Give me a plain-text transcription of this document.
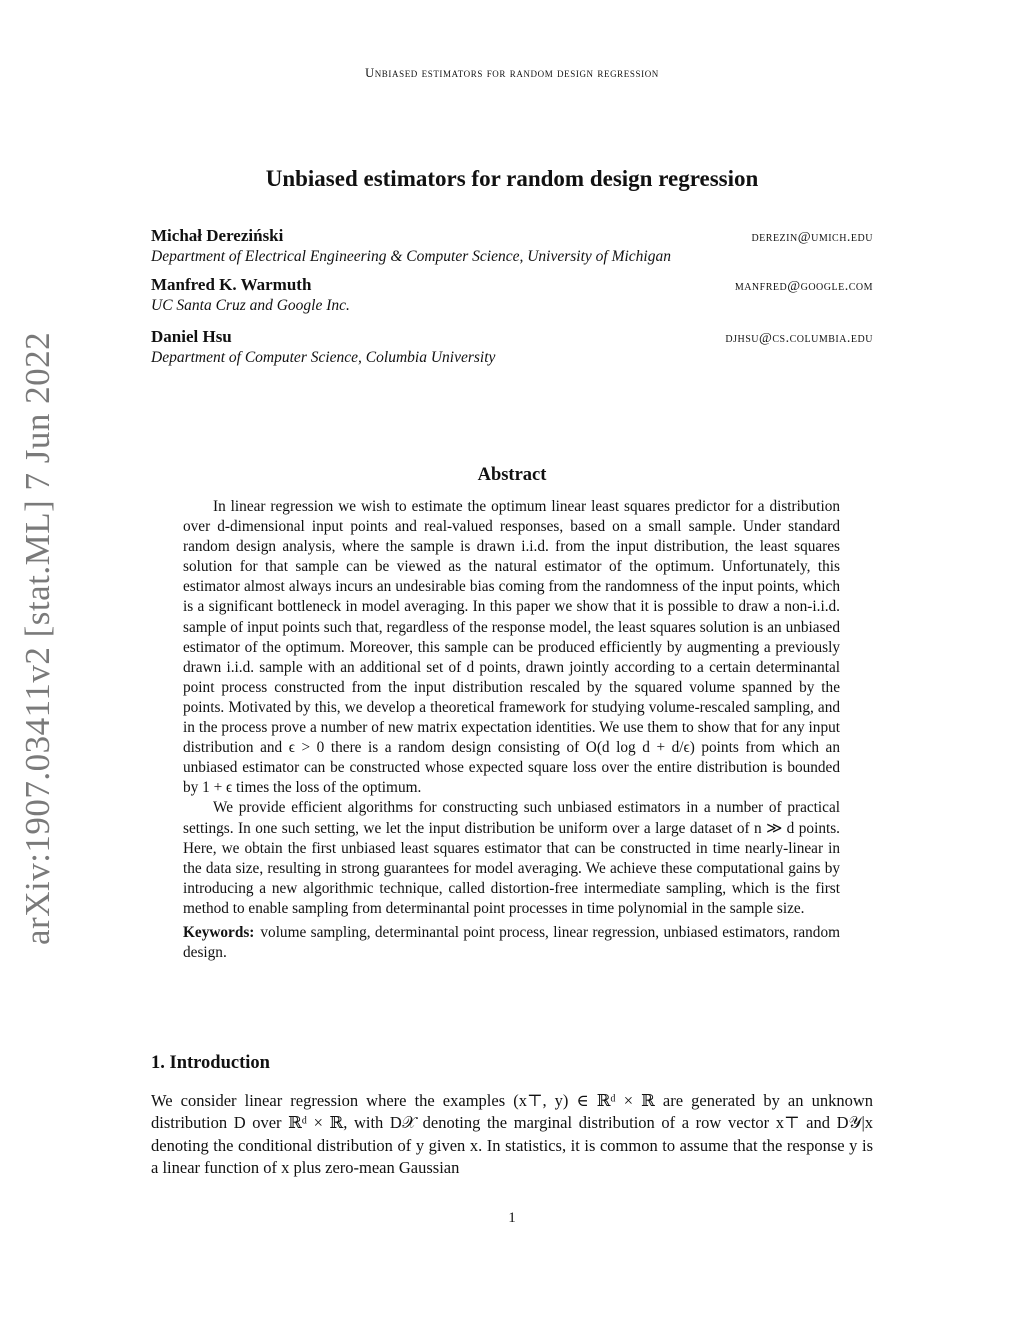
Unbiased estimators for random design regression
arXiv:1907.03411v2 [stat.ML] 7 Jun 2022
Unbiased estimators for random design regression
Michał Dereziński	derezin@umich.edu
Department of Electrical Engineering & Computer Science, University of Michigan
Manfred K. Warmuth	manfred@google.com
UC Santa Cruz and Google Inc.
Daniel Hsu	djhsu@cs.columbia.edu
Department of Computer Science, Columbia University
Abstract

In linear regression we wish to estimate the optimum linear least squares predictor for a distribution over d-dimensional input points and real-valued responses, based on a small sample. Under standard random design analysis, where the sample is drawn i.i.d. from the input distribution, the least squares solution for that sample can be viewed as the natural estimator of the optimum. Unfortunately, this estimator almost always incurs an undesirable bias coming from the randomness of the input points, which is a significant bottleneck in model averaging. In this paper we show that it is possible to draw a non-i.i.d. sample of input points such that, regardless of the response model, the least squares solution is an unbiased estimator of the optimum. Moreover, this sample can be produced efficiently by augmenting a previously drawn i.i.d. sample with an additional set of d points, drawn jointly according to a certain determinantal point process constructed from the input distribution rescaled by the squared volume spanned by the points. Motivated by this, we develop a theoretical framework for studying volume-rescaled sampling, and in the process prove a number of new matrix expectation identities. We use them to show that for any input distribution and ϵ > 0 there is a random design consisting of O(d log d + d/ϵ) points from which an unbiased estimator can be constructed whose expected square loss over the entire distribution is bounded by 1 + ϵ times the loss of the optimum.

We provide efficient algorithms for constructing such unbiased estimators in a number of practical settings. In one such setting, we let the input distribution be uniform over a large dataset of n ≫ d points. Here, we obtain the first unbiased least squares estimator that can be constructed in time nearly-linear in the data size, resulting in strong guarantees for model averaging. We achieve these computational gains by introducing a new algorithmic technique, called distortion-free intermediate sampling, which is the first method to enable sampling from determinantal point processes in time polynomial in the sample size.

Keywords: volume sampling, determinantal point process, linear regression, unbiased estimators, random design.
1. Introduction

We consider linear regression where the examples (x⊤, y) ∈ ℝᵈ × ℝ are generated by an unknown distribution D over ℝᵈ × ℝ, with D𝒳 denoting the marginal distribution of a row vector x⊤ and D𝒴|x denoting the conditional distribution of y given x. In statistics, it is common to assume that the response y is a linear function of x plus zero-mean Gaussian

1
